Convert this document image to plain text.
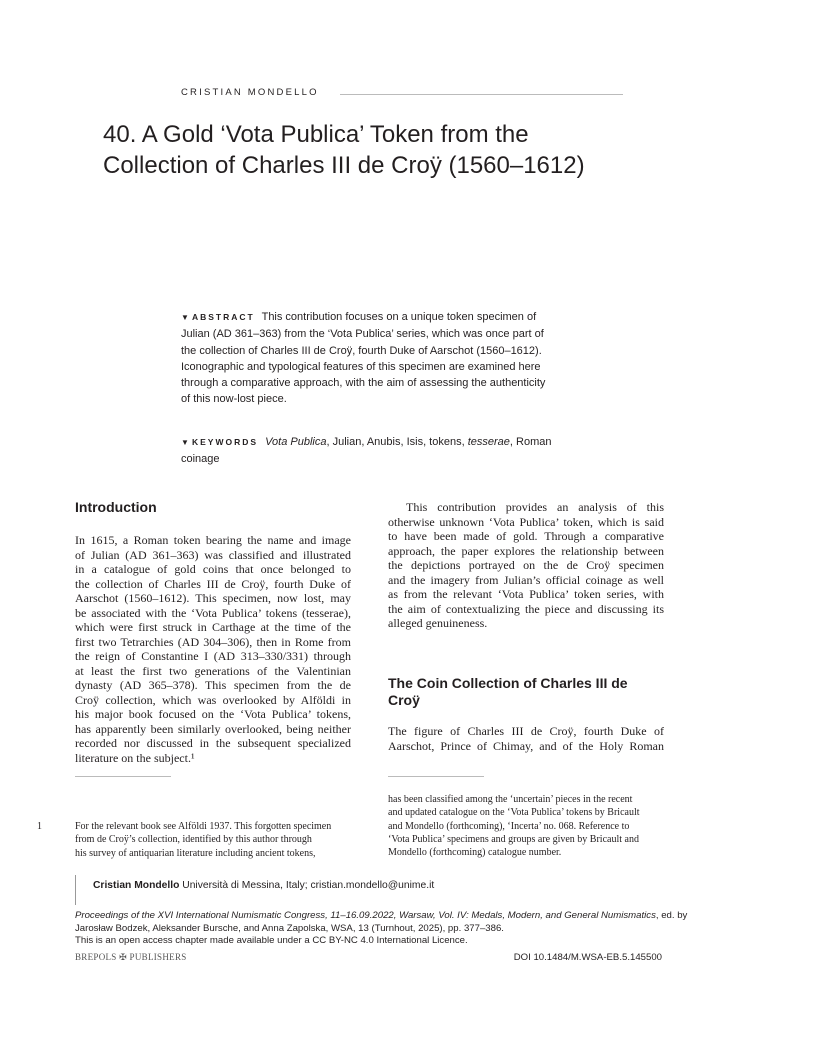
CRISTIAN MONDELLO
40. A Gold ‘Vota Publica’ Token from the
Collection of Charles III de Croÿ (1560–1612)
▼ ABSTRACT This contribution focuses on a unique token specimen of Julian (AD 361–363) from the ‘Vota Publica’ series, which was once part of the collection of Charles III de Croÿ, fourth Duke of Aarschot (1560–1612). Iconographic and typological features of this specimen are examined here through a comparative approach, with the aim of assessing the authenticity of this now-lost piece.
▼ KEYWORDS Vota Publica, Julian, Anubis, Isis, tokens, tesserae, Roman coinage
Introduction
In 1615, a Roman token bearing the name and image
of Julian (AD 361–363) was classified and illustrated
in a catalogue of gold coins that once belonged to
the collection of Charles III de Croÿ, fourth Duke of
Aarschot (1560–1612). This specimen, now lost, may
be associated with the ‘Vota Publica’ tokens (tesserae),
which were first struck in Carthage at the time of the
first two Tetrarchies (AD 304–306), then in Rome from
the reign of Constantine I (AD 313–330/331) through
at least the first two generations of the Valentinian
dynasty (AD 365–378). This specimen from the de
Croÿ collection, which was overlooked by Alföldi in
his major book focused on the ‘Vota Publica’ tokens,
has apparently been similarly overlooked, being neither
recorded nor discussed in the subsequent specialized
literature on the subject.¹
This contribution provides an analysis of this
otherwise unknown ‘Vota Publica’ token, which is said
to have been made of gold. Through a comparative
approach, the paper explores the relationship between
the depictions portrayed on the de Croÿ specimen
and the imagery from Julian’s official coinage as well
as from the relevant ‘Vota Publica’ token series, with
the aim of contextualizing the piece and discussing its
alleged genuineness.
The Coin Collection of Charles III de
Croÿ
The figure of Charles III de Croÿ, fourth Duke of
Aarschot, Prince of Chimay, and of the Holy Roman
1	For the relevant book see Alföldi 1937. This forgotten specimen
from de Croÿ’s collection, identified by this author through
his survey of antiquarian literature including ancient tokens,
has been classified among the ‘uncertain’ pieces in the recent
and updated catalogue on the ‘Vota Publica’ tokens by Bricault
and Mondello (forthcoming), ‘Incerta’ no. 068. Reference to
‘Vota Publica’ specimens and groups are given by Bricault and
Mondello (forthcoming) catalogue number.
Cristian Mondello Università di Messina, Italy; cristian.mondello@unime.it
Proceedings of the XVI International Numismatic Congress, 11–16.09.2022, Warsaw, Vol. IV: Medals, Modern, and General Numismatics, ed. by
Jarosław Bodzek, Aleksander Bursche, and Anna Zapolska, WSA, 13 (Turnhout, 2025), pp. 377–386.
This is an open access chapter made available under a CC BY-NC 4.0 International Licence.
BREPOLS ✠ PUBLISHERS	DOI 10.1484/M.WSA-EB.5.145500
